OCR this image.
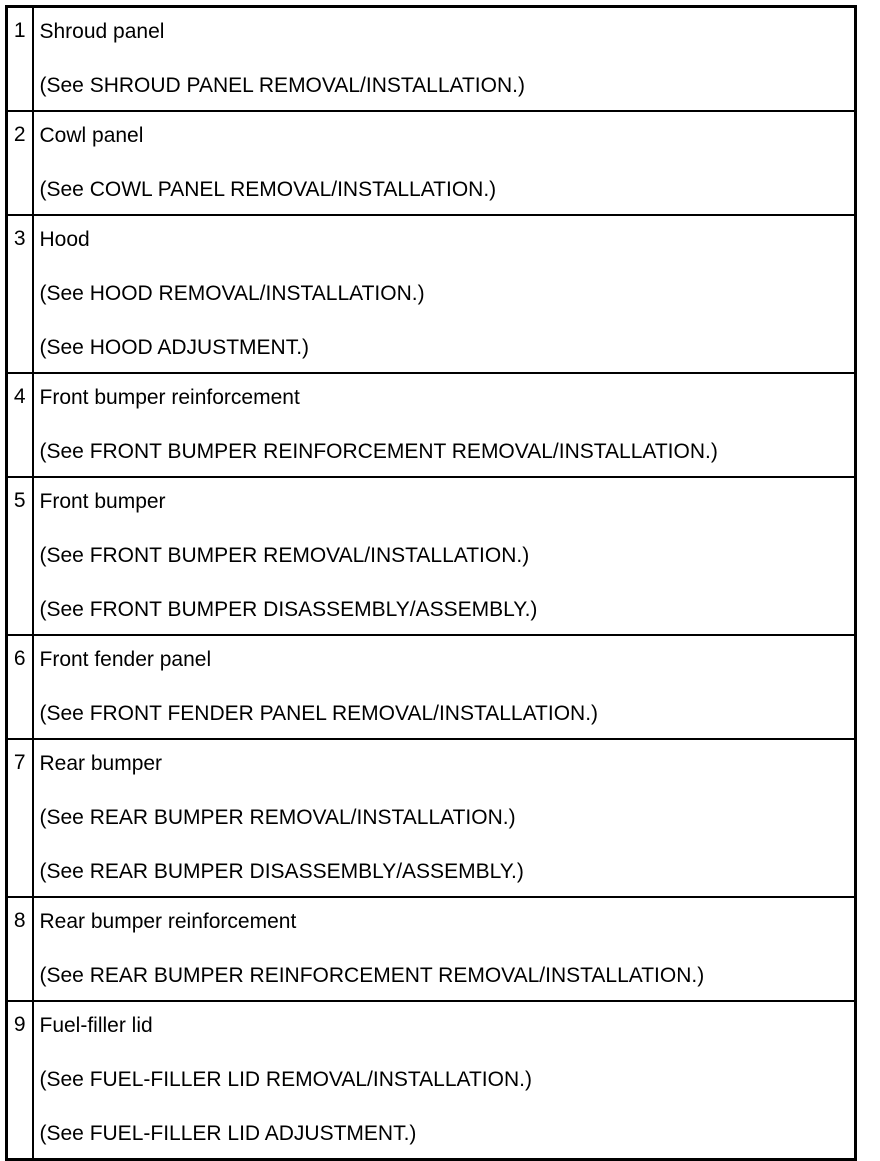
1	Shroud panel
(See SHROUD PANEL REMOVAL/INSTALLATION.)

2	Cowl panel
(See COWL PANEL REMOVAL/INSTALLATION.)

3	Hood
(See HOOD REMOVAL/INSTALLATION.)
(See HOOD ADJUSTMENT.)

4	Front bumper reinforcement
(See FRONT BUMPER REINFORCEMENT REMOVAL/INSTALLATION.)

5	Front bumper
(See FRONT BUMPER REMOVAL/INSTALLATION.)
(See FRONT BUMPER DISASSEMBLY/ASSEMBLY.)

6	Front fender panel
(See FRONT FENDER PANEL REMOVAL/INSTALLATION.)

7	Rear bumper
(See REAR BUMPER REMOVAL/INSTALLATION.)
(See REAR BUMPER DISASSEMBLY/ASSEMBLY.)

8	Rear bumper reinforcement
(See REAR BUMPER REINFORCEMENT REMOVAL/INSTALLATION.)

9	Fuel-filler lid
(See FUEL-FILLER LID REMOVAL/INSTALLATION.)
(See FUEL-FILLER LID ADJUSTMENT.)
